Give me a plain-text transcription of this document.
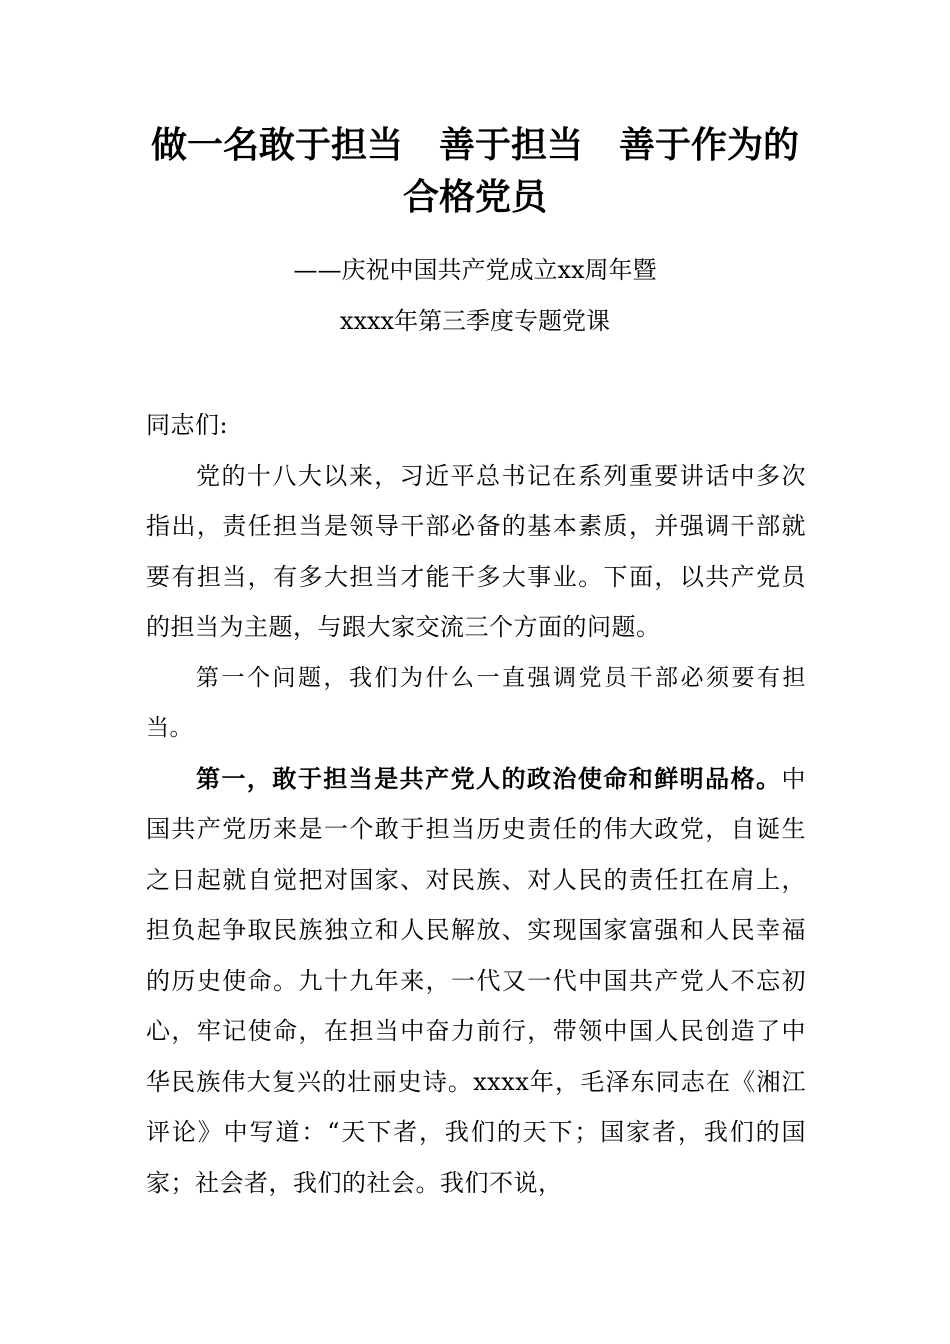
做一名敢于担当　善于担当　善于作为的
合格党员
——庆祝中国共产党成立xx周年暨
xxxx年第三季度专题党课

同志们:

党的十八大以来，习近平总书记在系列重要讲话中多次指出，责任担当是领导干部必备的基本素质，并强调干部就要有担当，有多大担当才能干多大事业。下面，以共产党员的担当为主题，与跟大家交流三个方面的问题。

第一个问题，我们为什么一直强调党员干部必须要有担当。

第一，敢于担当是共产党人的政治使命和鲜明品格。中国共产党历来是一个敢于担当历史责任的伟大政党，自诞生之日起就自觉把对国家、对民族、对人民的责任扛在肩上，担负起争取民族独立和人民解放、实现国家富强和人民幸福的历史使命。九十九年来，一代又一代中国共产党人不忘初心，牢记使命，在担当中奋力前行，带领中国人民创造了中华民族伟大复兴的壮丽史诗。xxxx年，毛泽东同志在《湘江评论》中写道：“天下者，我们的天下；国家者，我们的国家；社会者，我们的社会。我们不说，
